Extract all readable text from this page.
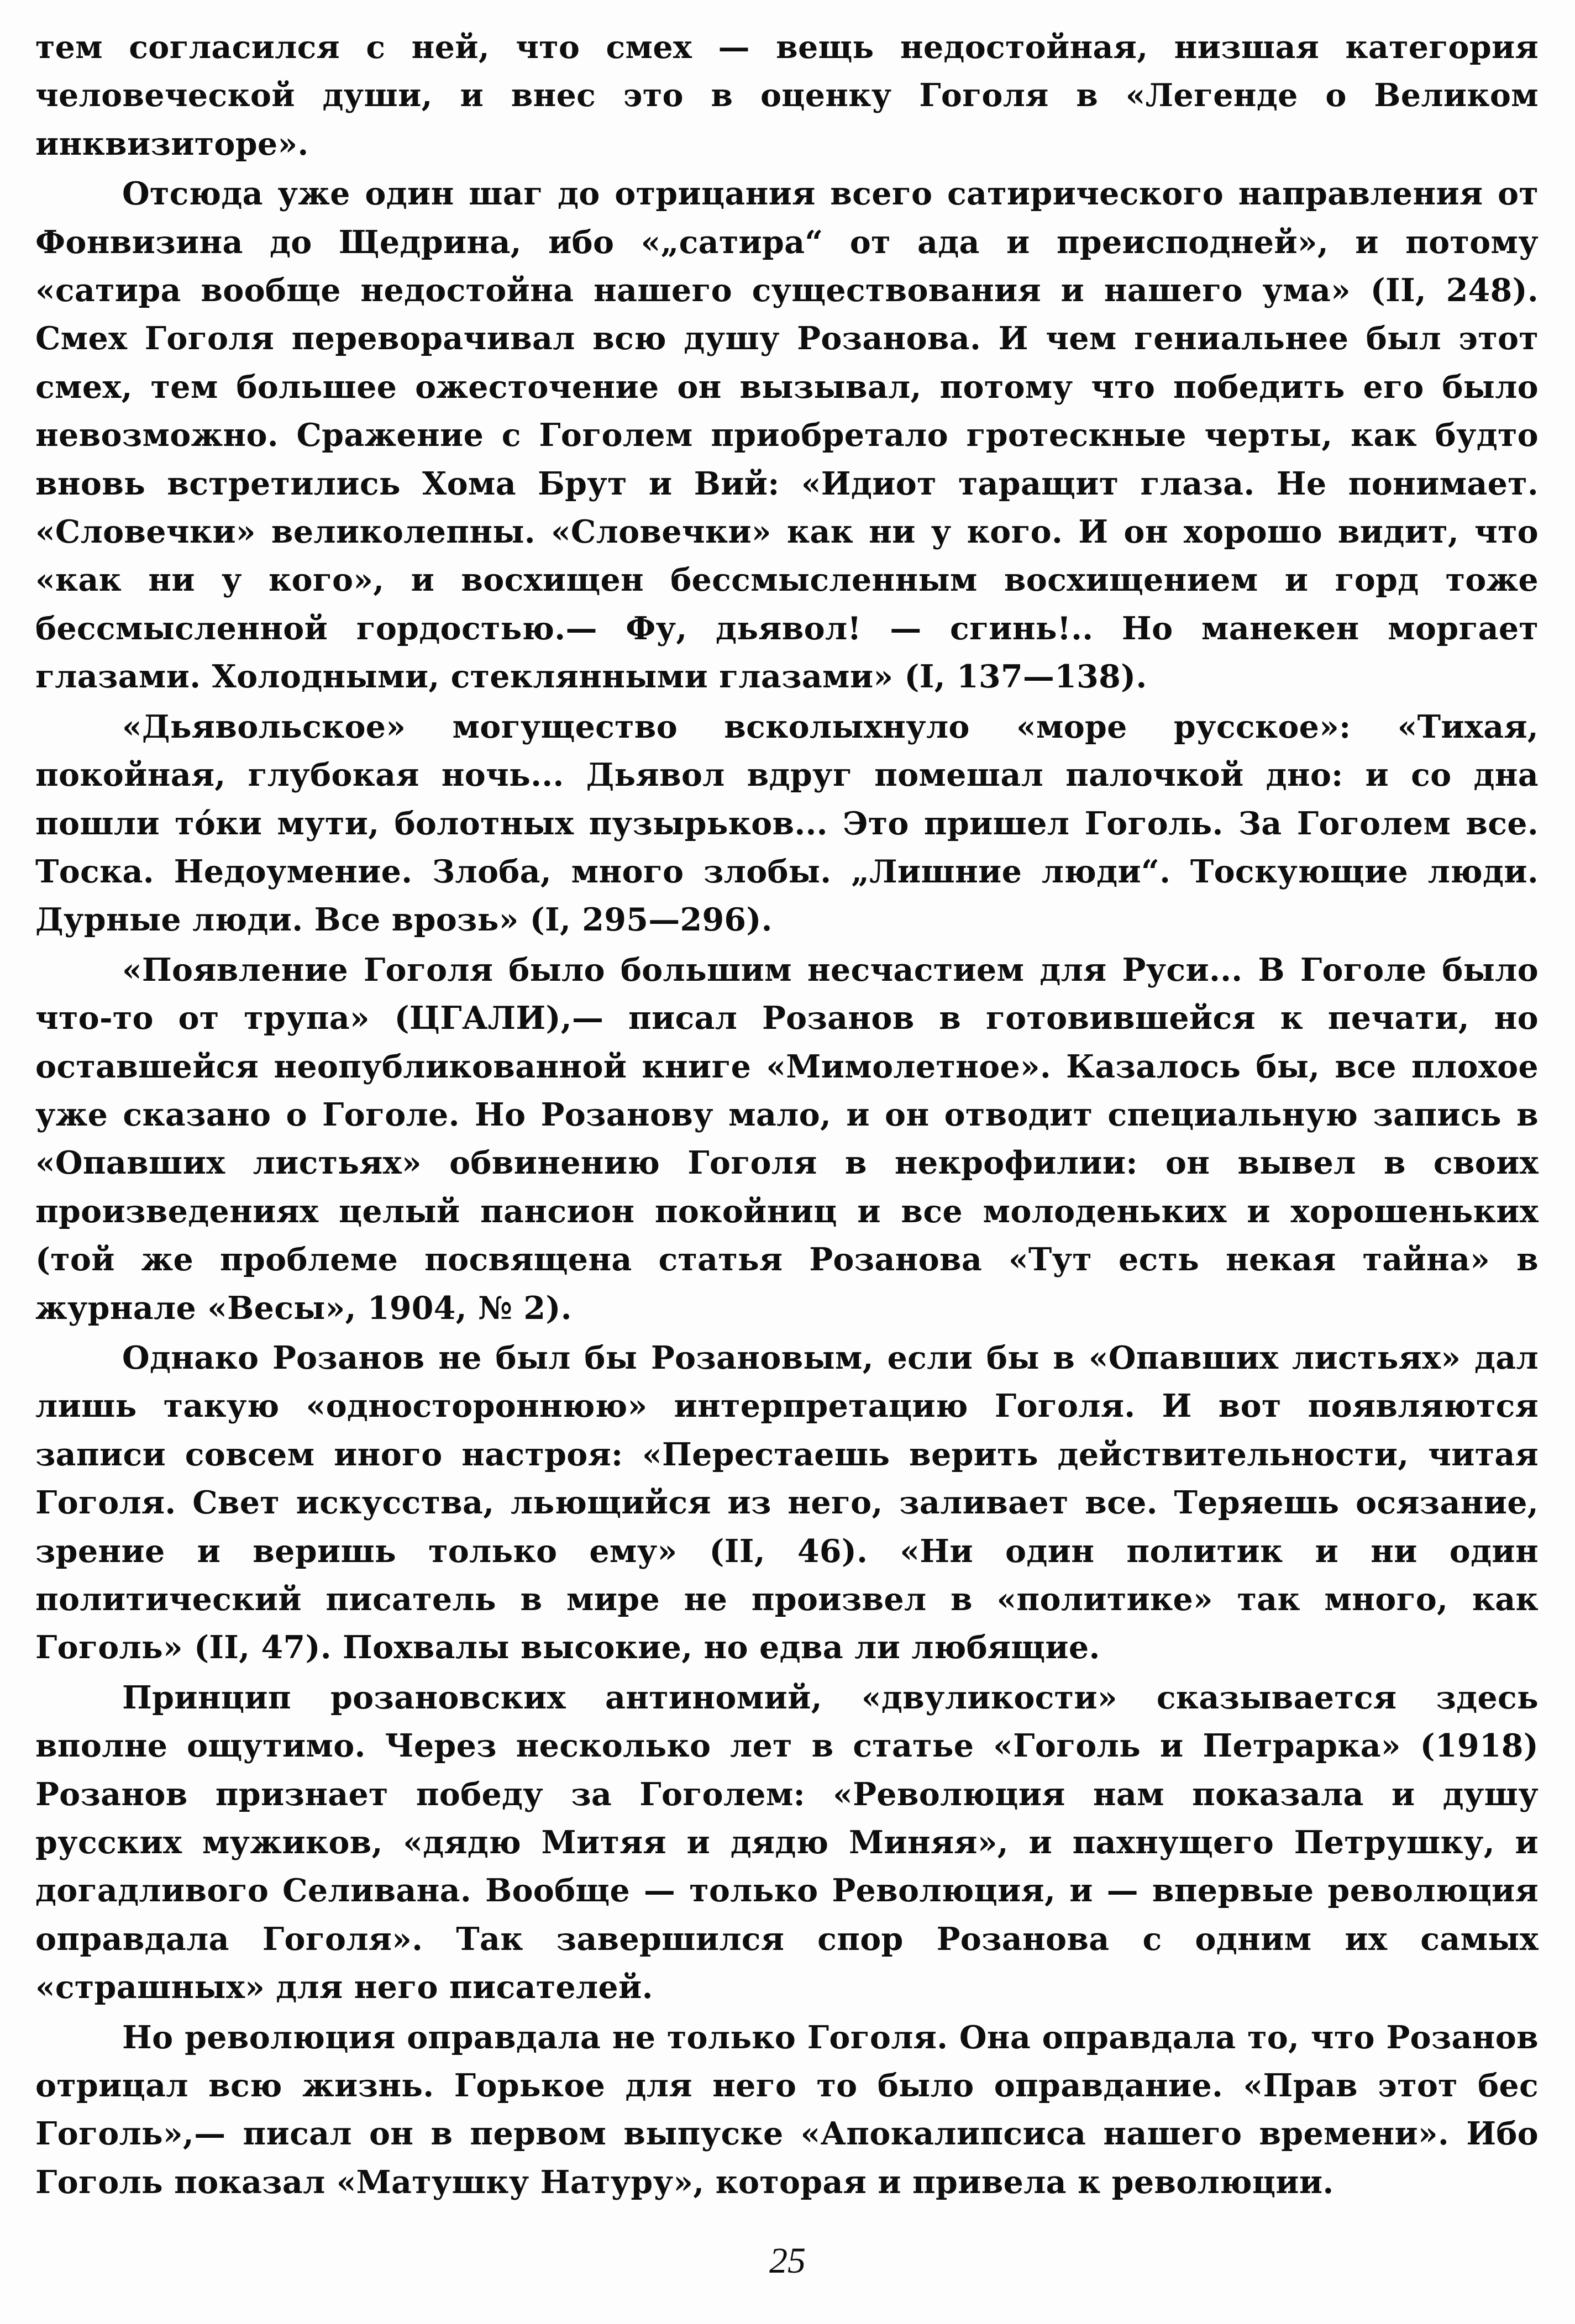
тем согласился с ней, что смех — вещь недостойная, низшая категория человеческой души, и внес это в оценку Гоголя в «Легенде о Великом инквизиторе».

Отсюда уже один шаг до отрицания всего сатирического направления от Фонвизина до Щедрина, ибо «„сатира“ от ада и преисподней», и потому «сатира вообще недостойна нашего существования и нашего ума» (II, 248). Смех Гоголя переворачивал всю душу Розанова. И чем гениальнее был этот смех, тем большее ожесточение он вызывал, потому что победить его было невозможно. Сражение с Гоголем приобретало гротескные черты, как будто вновь встретились Хома Брут и Вий: «Идиот таращит глаза. Не понимает. «Словечки» великолепны. «Словечки» как ни у кого. И он хорошо видит, что «как ни у кого», и восхищен бессмысленным восхищением и горд тоже бессмысленной гордостью.— Фу, дьявол! — сгинь!.. Но манекен моргает глазами. Холодными, стеклянными глазами» (I, 137—138).

«Дьявольское» могущество всколыхнуло «море русское»: «Тихая, покойная, глубокая ночь... Дьявол вдруг помешал палочкой дно: и со дна пошли тóки мути, болотных пузырьков... Это пришел Гоголь. За Гоголем все. Тоска. Недоумение. Злоба, много злобы. „Лишние люди“. Тоскующие люди. Дурные люди. Все врозь» (I, 295—296).

«Появление Гоголя было большим несчастием для Руси... В Гоголе было что-то от трупа» (ЦГАЛИ),— писал Розанов в готовившейся к печати, но оставшейся неопубликованной книге «Мимолетное». Казалось бы, все плохое уже сказано о Гоголе. Но Розанову мало, и он отводит специальную запись в «Опавших листьях» обвинению Гоголя в некрофилии: он вывел в своих произведениях целый пансион покойниц и все молоденьких и хорошеньких (той же проблеме посвящена статья Розанова «Тут есть некая тайна» в журнале «Весы», 1904, № 2).

Однако Розанов не был бы Розановым, если бы в «Опавших листьях» дал лишь такую «одностороннюю» интерпретацию Гоголя. И вот появляются записи совсем иного настроя: «Перестаешь верить действительности, читая Гоголя. Свет искусства, льющийся из него, заливает все. Теряешь осязание, зрение и веришь только ему» (II, 46). «Ни один политик и ни один политический писатель в мире не произвел в «политике» так много, как Гоголь» (II, 47). Похвалы высокие, но едва ли любящие.

Принцип розановских антиномий, «двуликости» сказывается здесь вполне ощутимо. Через несколько лет в статье «Гоголь и Петрарка» (1918) Розанов признает победу за Гоголем: «Революция нам показала и душу русских мужиков, «дядю Митяя и дядю Миняя», и пахнущего Петрушку, и догадливого Селивана. Вообще — только Революция, и — впервые революция оправдала Гоголя». Так завершился спор Розанова с одним их самых «страшных» для него писателей.

Но революция оправдала не только Гоголя. Она оправдала то, что Розанов отрицал всю жизнь. Горькое для него то было оправдание. «Прав этот бес Гоголь»,— писал он в первом выпуске «Апокалипсиса нашего времени». Ибо Гоголь показал «Матушку Натуру», которая и привела к революции.

25
